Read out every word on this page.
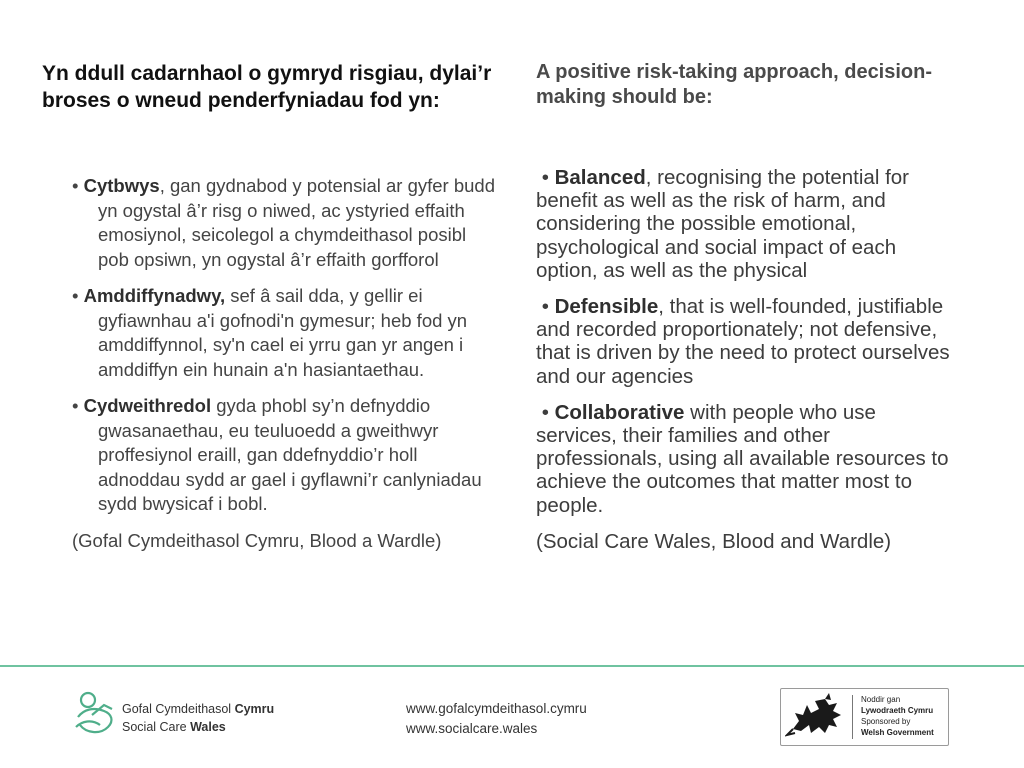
Yn ddull cadarnhaol o gymryd risgiau, dylai’r broses o wneud penderfyniadau fod yn:
A positive risk-taking approach, decision-making should be:
• Cytbwys, gan gydnabod y potensial ar gyfer budd yn ogystal â’r risg o niwed, ac ystyried effaith emosiynol, seicolegol a chymdeithasol posibl pob opsiwn, yn ogystal â’r effaith gorfforol
• Amddiffynadwy, sef â sail dda, y gellir ei gyfiawnhau a'i gofnodi'n gymesur; heb fod yn amddiffynnol, sy'n cael ei yrru gan yr angen i amddiffyn ein hunain a'n hasiantaethau.
• Cydweithredol gyda phobl sy’n defnyddio gwasanaethau, eu teuluoedd a gweithwyr proffesiynol eraill, gan ddefnyddio’r holl adnoddau sydd ar gael i gyflawni’r canlyniadau sydd bwysicaf i bobl.
(Gofal Cymdeithasol Cymru, Blood a Wardle)
• Balanced, recognising the potential for benefit as well as the risk of harm, and considering the possible emotional, psychological and social impact of each option, as well as the physical
• Defensible, that is well-founded, justifiable and recorded proportionately; not defensive, that is driven by the need to protect ourselves and our agencies
• Collaborative with people who use services, their families and other professionals, using all available resources to achieve the outcomes that matter most to people.
(Social Care Wales, Blood and Wardle)
Gofal Cymdeithasol Cymru
Social Care Wales
www.gofalcymdeithasol.cymru
www.socialcare.wales
Noddir gan
Lywodraeth Cymru
Sponsored by
Welsh Government
